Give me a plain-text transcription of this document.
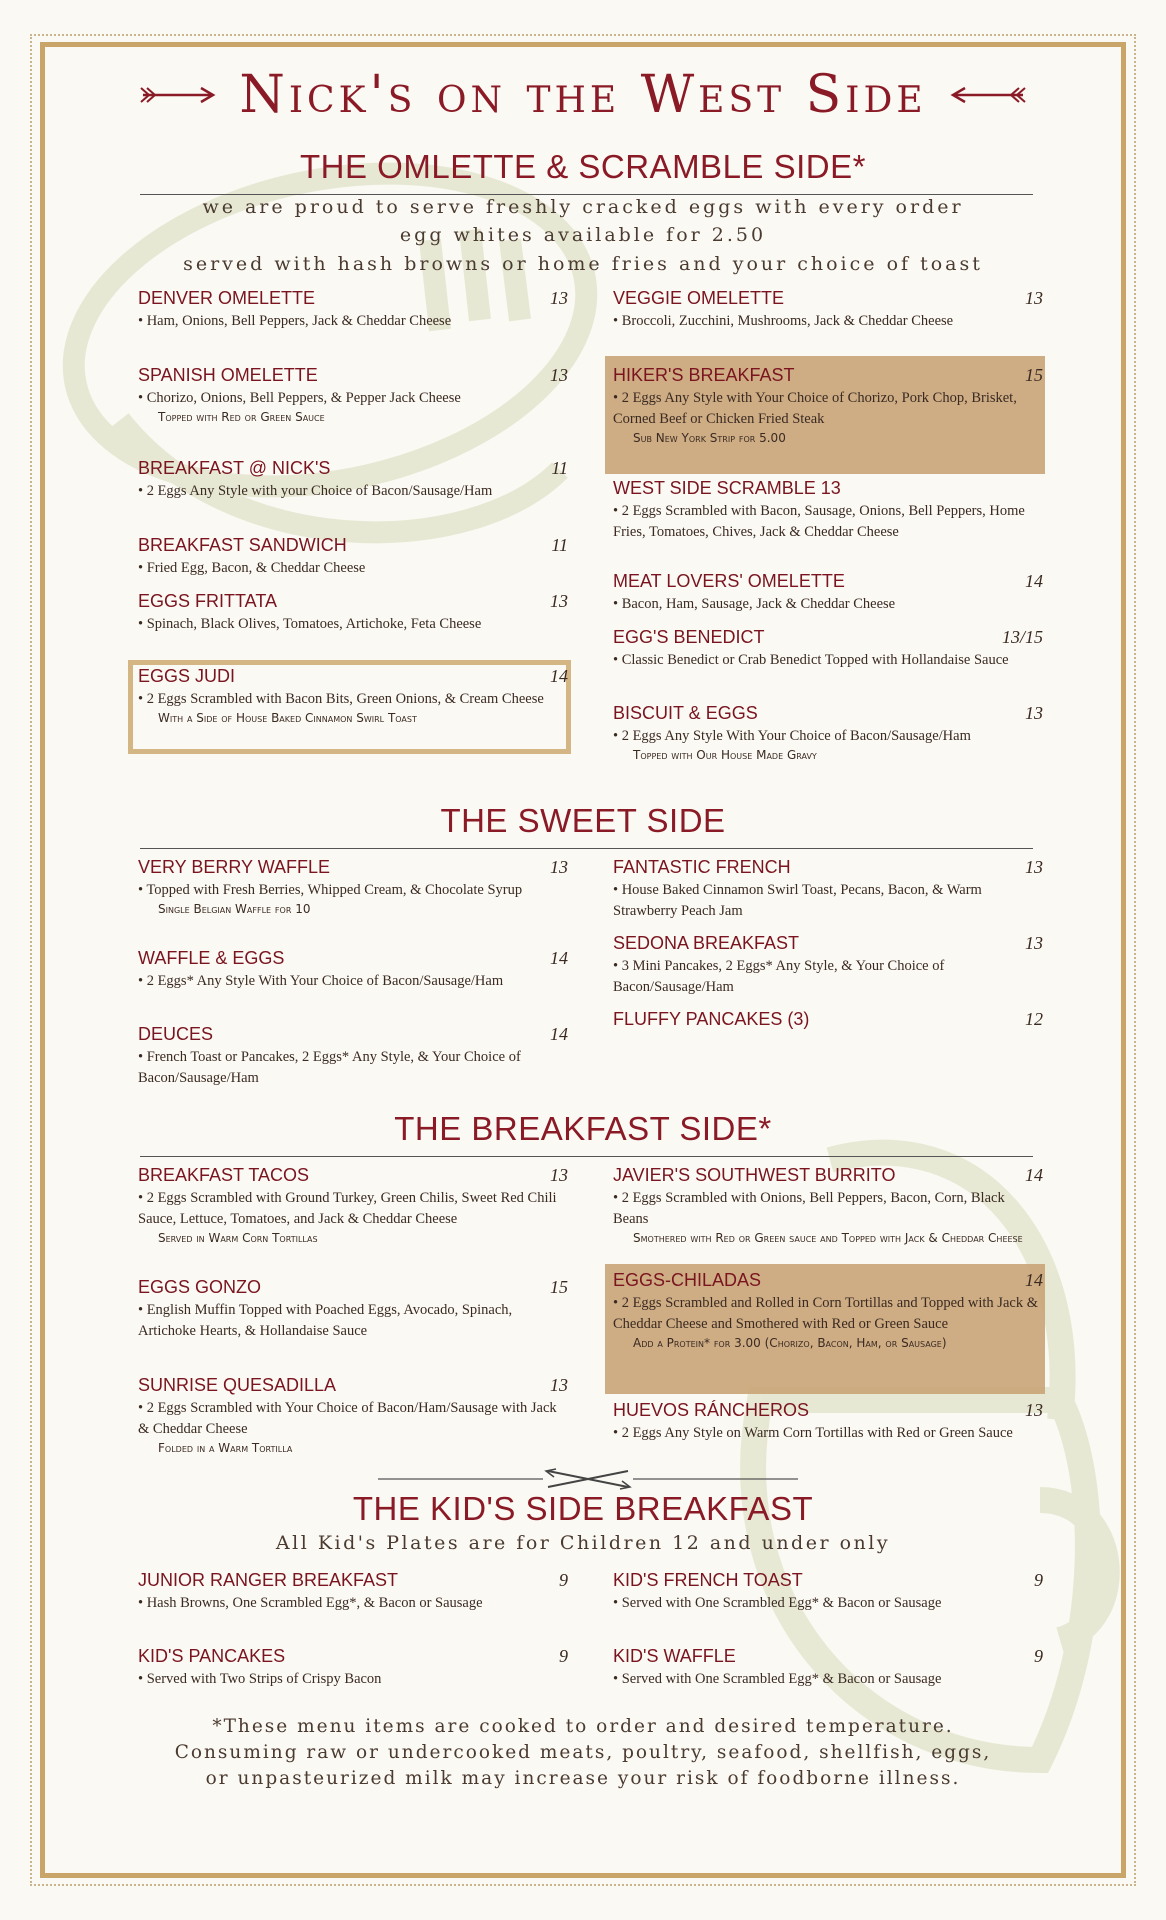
Nick's on the West Side
THE OMLETTE & SCRAMBLE SIDE*
we are proud to serve freshly cracked eggs with every order
egg whites available for 2.50
served with hash browns or home fries and your choice of toast
DENVER OMELETTE	13
• Ham, Onions, Bell Peppers, Jack & Cheddar Cheese
SPANISH OMELETTE	13
• Chorizo, Onions, Bell Peppers, & Pepper Jack Cheese
Topped with Red or Green Sauce
BREAKFAST @ NICK'S	11
• 2 Eggs Any Style with your Choice of Bacon/Sausage/Ham
BREAKFAST SANDWICH	11
• Fried Egg, Bacon, & Cheddar Cheese
EGGS FRITTATA	13
• Spinach, Black Olives, Tomatoes, Artichoke, Feta Cheese
EGGS JUDI	14
• 2 Eggs Scrambled with Bacon Bits, Green Onions, & Cream Cheese
With a Side of House Baked Cinnamon Swirl Toast
VEGGIE OMELETTE	13
• Broccoli, Zucchini, Mushrooms, Jack & Cheddar Cheese
HIKER'S BREAKFAST	15
• 2 Eggs Any Style with Your Choice of Chorizo, Pork Chop, Brisket, Corned Beef or Chicken Fried Steak
Sub New York Strip for 5.00
WEST SIDE SCRAMBLE 13
• 2 Eggs Scrambled with Bacon, Sausage, Onions, Bell Peppers, Home Fries, Tomatoes, Chives, Jack & Cheddar Cheese
MEAT LOVERS' OMELETTE	14
• Bacon, Ham, Sausage, Jack & Cheddar Cheese
EGG'S BENEDICT	13/15
• Classic Benedict or Crab Benedict Topped with Hollandaise Sauce
BISCUIT & EGGS	13
• 2 Eggs Any Style With Your Choice of Bacon/Sausage/Ham
Topped with Our House Made Gravy
THE SWEET SIDE
VERY BERRY WAFFLE	13
• Topped with Fresh Berries, Whipped Cream, & Chocolate Syrup
Single Belgian Waffle for 10
WAFFLE & EGGS	14
• 2 Eggs* Any Style With Your Choice of Bacon/Sausage/Ham
DEUCES	14
• French Toast or Pancakes, 2 Eggs* Any Style, & Your Choice of Bacon/Sausage/Ham
FANTASTIC FRENCH	13
• House Baked Cinnamon Swirl Toast, Pecans, Bacon, & Warm Strawberry Peach Jam
SEDONA BREAKFAST	13
• 3 Mini Pancakes, 2 Eggs* Any Style, & Your Choice of Bacon/Sausage/Ham
FLUFFY PANCAKES (3)	12
THE BREAKFAST SIDE*
BREAKFAST TACOS	13
• 2 Eggs Scrambled with Ground Turkey, Green Chilis, Sweet Red Chili Sauce, Lettuce, Tomatoes, and Jack & Cheddar Cheese
Served in Warm Corn Tortillas
EGGS GONZO	15
• English Muffin Topped with Poached Eggs, Avocado, Spinach, Artichoke Hearts, & Hollandaise Sauce
SUNRISE QUESADILLA	13
• 2 Eggs Scrambled with Your Choice of Bacon/Ham/Sausage with Jack & Cheddar Cheese
Folded in a Warm Tortilla
JAVIER'S SOUTHWEST BURRITO	14
• 2 Eggs Scrambled with Onions, Bell Peppers, Bacon, Corn, Black Beans
Smothered with Red or Green sauce and Topped with Jack & Cheddar Cheese
EGGS-CHILADAS	14
• 2 Eggs Scrambled and Rolled in Corn Tortillas and Topped with Jack & Cheddar Cheese and Smothered with Red or Green Sauce
Add a Protein* for 3.00 (Chorizo, Bacon, Ham, or Sausage)
HUEVOS RÁNCHEROS	13
• 2 Eggs Any Style on Warm Corn Tortillas with Red or Green Sauce
THE KID'S SIDE BREAKFAST
All Kid's Plates are for Children 12 and under only
JUNIOR RANGER BREAKFAST	9
• Hash Browns, One Scrambled Egg*, & Bacon or Sausage
KID'S PANCAKES	9
• Served with Two Strips of Crispy Bacon
KID'S FRENCH TOAST	9
• Served with One Scrambled Egg* & Bacon or Sausage
KID'S WAFFLE	9
• Served with One Scrambled Egg* & Bacon or Sausage
*These menu items are cooked to order and desired temperature. Consuming raw or undercooked meats, poultry, seafood, shellfish, eggs, or unpasteurized milk may increase your risk of foodborne illness.
